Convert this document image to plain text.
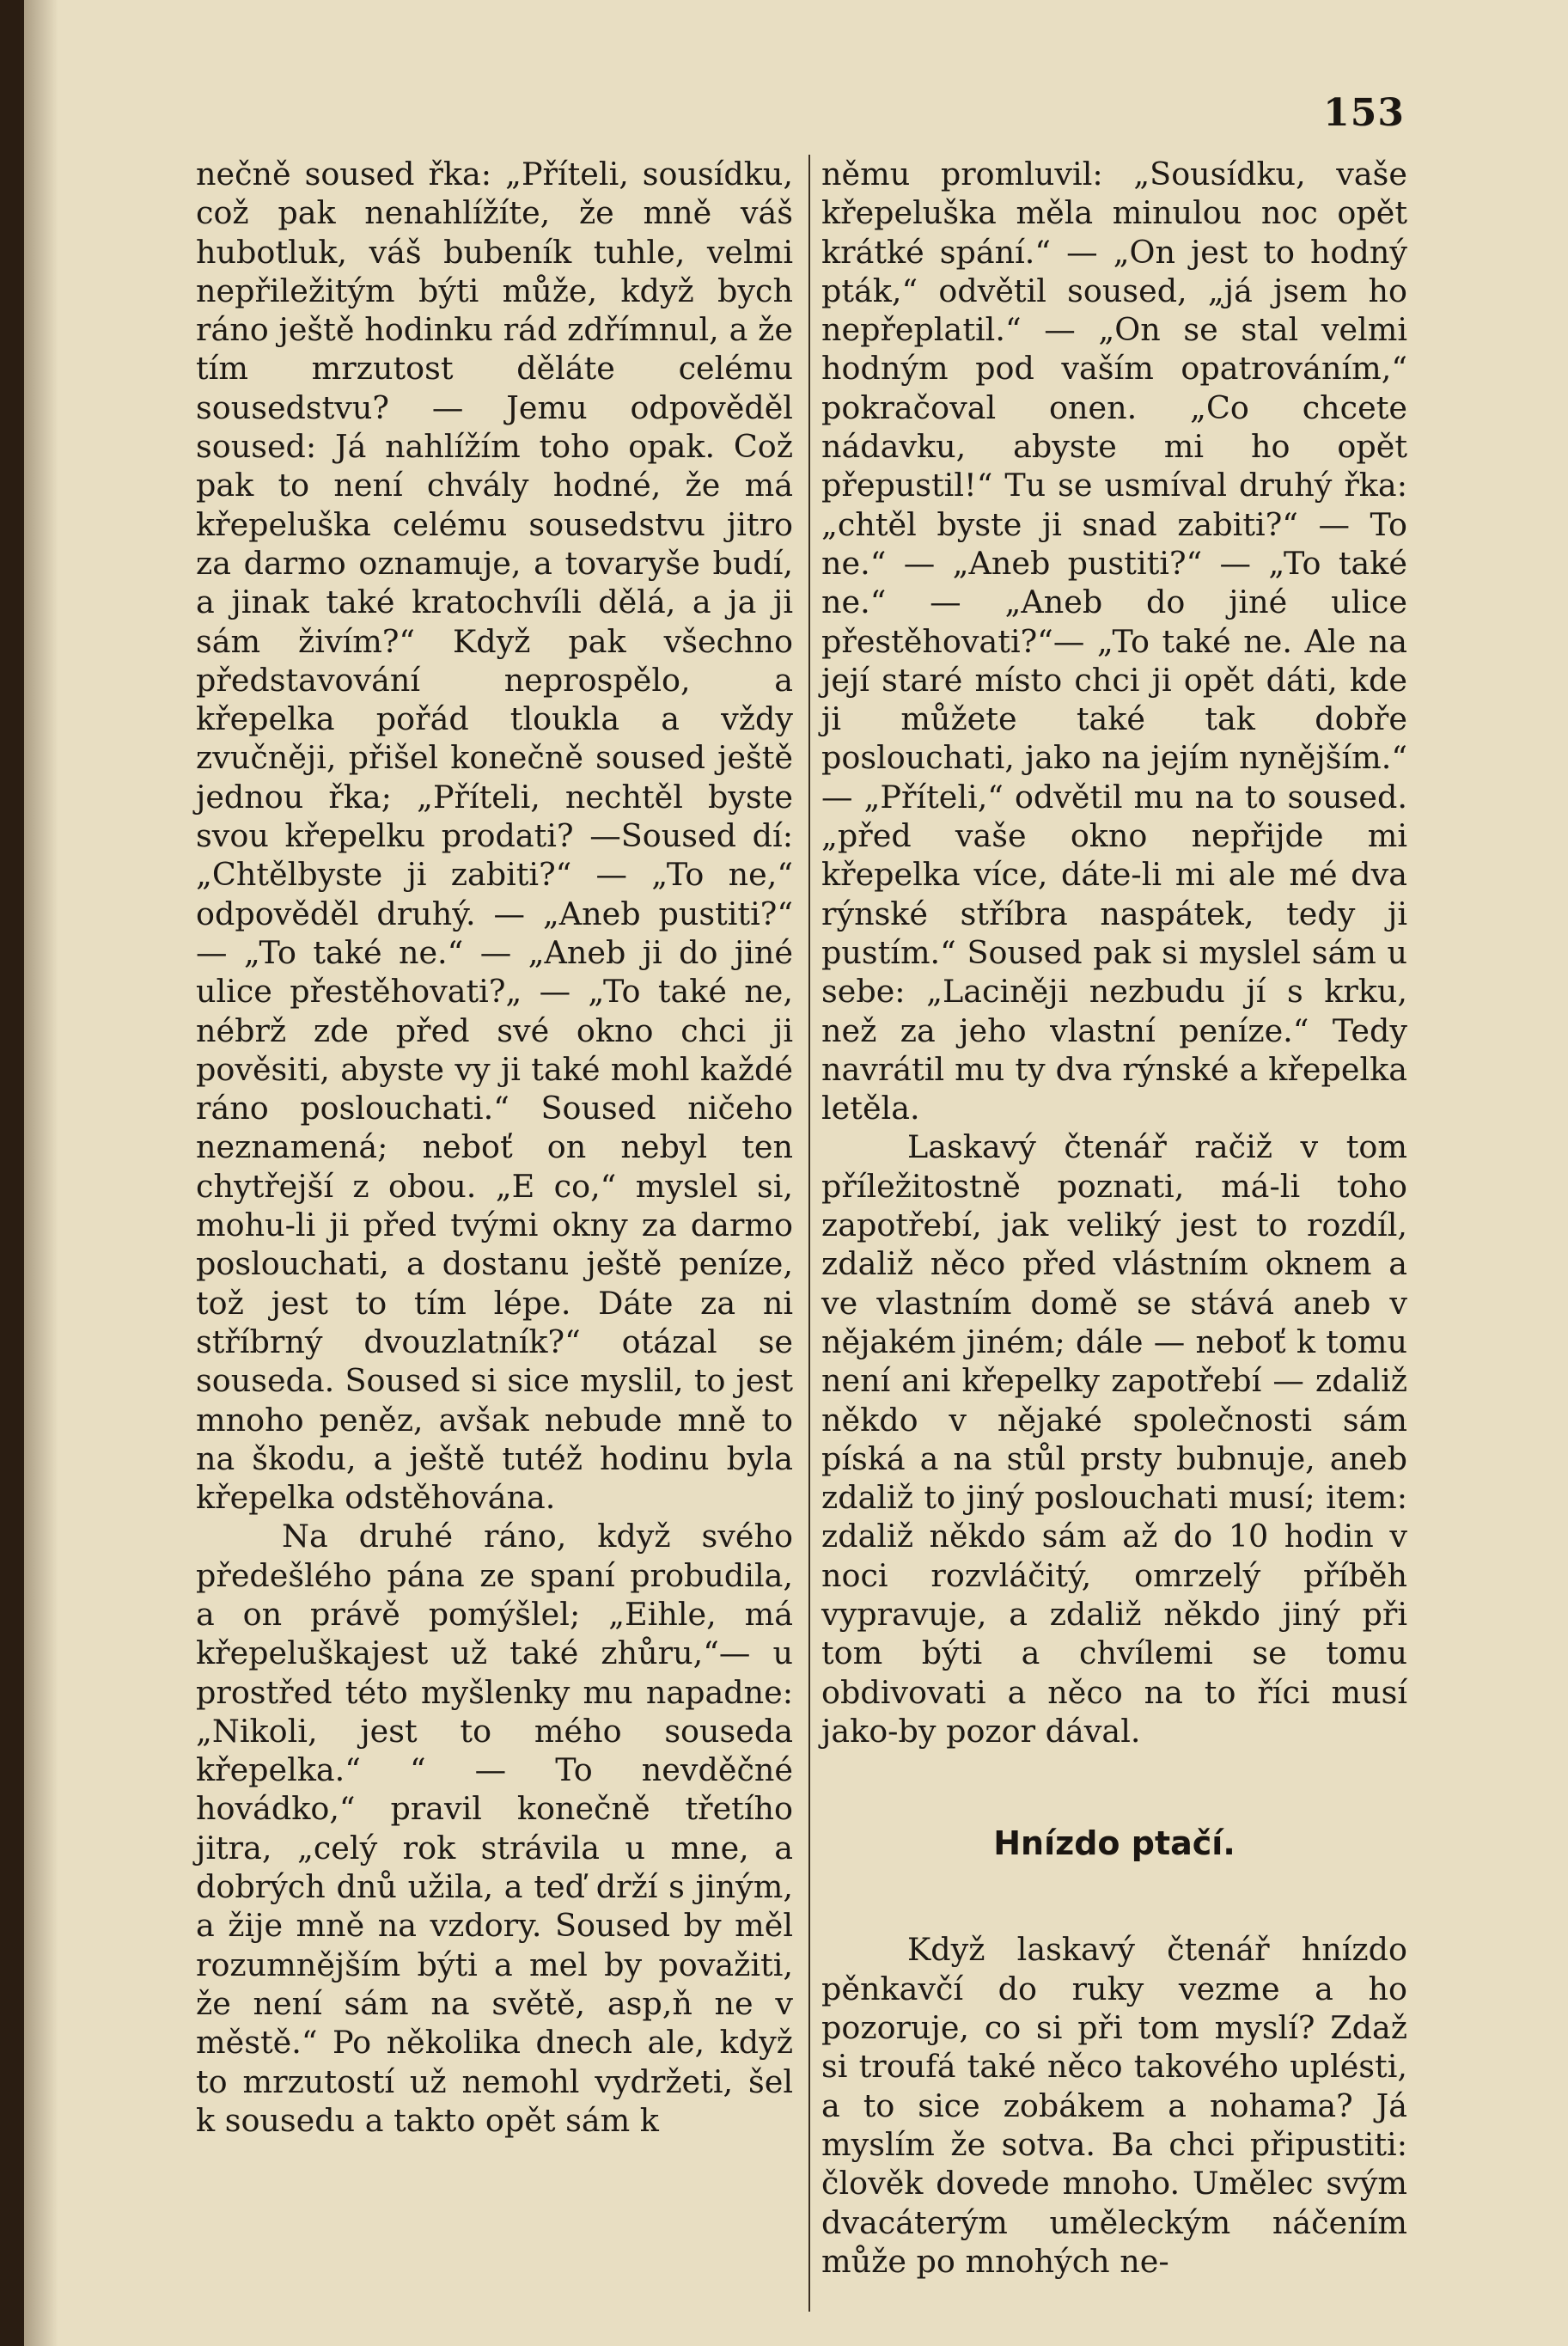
153

nečně soused řka: „Příteli, sousídku, což pak nenahlížíte, že mně váš hubotluk, váš bubeník tuhle, velmi nepřiležitým býti může, když bych ráno ještě hodinku rád zdřímnul, a že tím mrzutost děláte celému sousedstvu? — Jemu odpověděl soused: Já nahlížím toho opak. Což pak to není chvály hodné, že má křepeluška celému sousedstvu jitro za darmo oznamuje, a tovaryše budí, a jinak také kratochvíli dělá, a ja ji sám živím?“ Když pak všechno představování neprospělo, a křepelka pořád tloukla a vždy zvučněji, přišel konečně soused ještě jednou řka; „Příteli, nechtěl byste svou křepelku prodati? —Soused dí: „Chtělbyste ji zabiti?“ — „To ne,“ odpověděl druhý. — „Aneb pustiti?“ — „To také ne.“ — „Aneb ji do jiné ulice přestěhovati?„ — „To také ne, nébrž zde před své okno chci ji pověsiti, abyste vy ji také mohl každé ráno poslouchati.“ Soused ničeho neznamená; neboť on nebyl ten chytřejší z obou. „E co,“ myslel si, mohu-li ji před tvými okny za darmo poslouchati, a dostanu ještě peníze, tož jest to tím lépe. Dáte za ni stříbrný dvouzlatník?“ otázal se souseda. Soused si sice myslil, to jest mnoho peněz, avšak nebude mně to na škodu, a ještě tutéž hodinu byla křepelka odstěhována.

Na druhé ráno, když svého předešlého pána ze spaní probudila, a on právě pomýšlel; „Eihle, má křepeluškajest už také zhůru,“— u prostřed této myšlenky mu napadne: „Nikoli, jest to mého souseda křepelka.“ “ — To nevděčné hovádko,“ pravil konečně třetího jitra, „celý rok strávila u mne, a dobrých dnů užila, a teď drží s jiným, a žije mně na vzdory. Soused by měl rozumnějším býti a mel by považiti, že není sám na světě, asp,ň ne v městě.“ Po několika dnech ale, když to mrzutostí už nemohl vydržeti, šel k sousedu a takto opět sám k

němu promluvil: „Sousídku, vaše křepeluška měla minulou noc opět krátké spání.“ — „On jest to hodný pták,“ odvětil soused, „já jsem ho nepřeplatil.“ — „On se stal velmi hodným pod vaším opatrováním,“ pokračoval onen. „Co chcete nádavku, abyste mi ho opět přepustil!“ Tu se usmíval druhý řka: „chtěl byste ji snad zabiti?“ — To ne.“ — „Aneb pustiti?“ — „To také ne.“ — „Aneb do jiné ulice přestěhovati?“— „To také ne. Ale na její staré místo chci ji opět dáti, kde ji můžete také tak dobře poslouchati, jako na jejím nynějším.“ — „Příteli,“ odvětil mu na to soused. „před vaše okno nepřijde mi křepelka více, dáte-li mi ale mé dva rýnské stříbra naspátek, tedy ji pustím.“ Soused pak si myslel sám u sebe: „Laciněji nezbudu jí s krku, než za jeho vlastní peníze.“ Tedy navrátil mu ty dva rýnské a křepelka letěla.

Laskavý čtenář račiž v tom příležitostně poznati, má-li toho zapotřebí, jak veliký jest to rozdíl, zdaliž něco před vlástním oknem a ve vlastním domě se stává aneb v nějakém jiném; dále — neboť k tomu není ani křepelky zapotřebí — zdaliž někdo v nějaké společnosti sám píská a na stůl prsty bubnuje, aneb zdaliž to jiný poslouchati musí; item: zdaliž někdo sám až do 10 hodin v noci rozvláčitý, omrzelý příběh vypravuje, a zdaliž někdo jiný při tom býti a chvílemi se tomu obdivovati a něco na to říci musí jako-by pozor dával.

Hnízdo ptačí.

Když laskavý čtenář hnízdo pěnkavčí do ruky vezme a ho pozoruje, co si při tom myslí? Zdaž si troufá také něco takového uplésti, a to sice zobákem a nohama? Já myslím že sotva. Ba chci připustiti: člověk dovede mnoho. Umělec svým dvacáterým uměleckým náčením může po mnohých ne-
